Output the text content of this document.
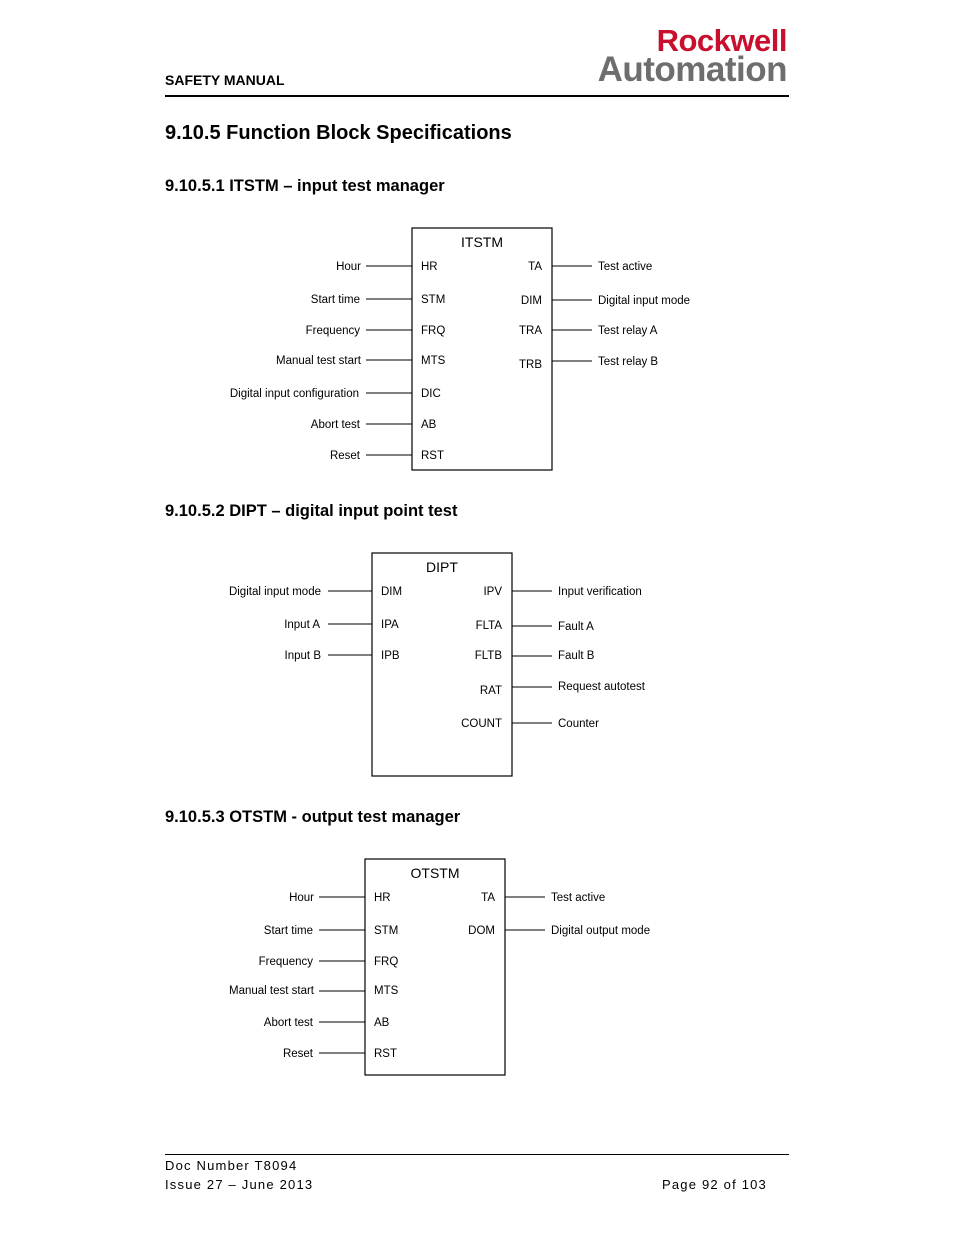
SAFETY MANUAL
Rockwell
Automation
9.10.5 Function Block Specifications
9.10.5.1 ITSTM – input test manager
ITSTM
Hour	HR
Start time	STM
Frequency	FRQ
Manual test start	MTS
Digital input configuration	DIC
Abort test	AB
Reset	RST
TA	Test active
DIM	Digital input mode
TRA	Test relay A
TRB	Test relay B
9.10.5.2 DIPT – digital input point test
DIPT
Digital input mode	DIM
Input A	IPA
Input B	IPB
IPV	Input verification
FLTA	Fault A
FLTB	Fault B
RAT	Request autotest
COUNT	Counter
9.10.5.3 OTSTM - output test manager
OTSTM
Hour	HR
Start time	STM
Frequency	FRQ
Manual test start	MTS
Abort test	AB
Reset	RST
TA	Test active
DOM	Digital output mode
Doc Number T8094
Issue 27 – June 2013	Page 92 of 103
